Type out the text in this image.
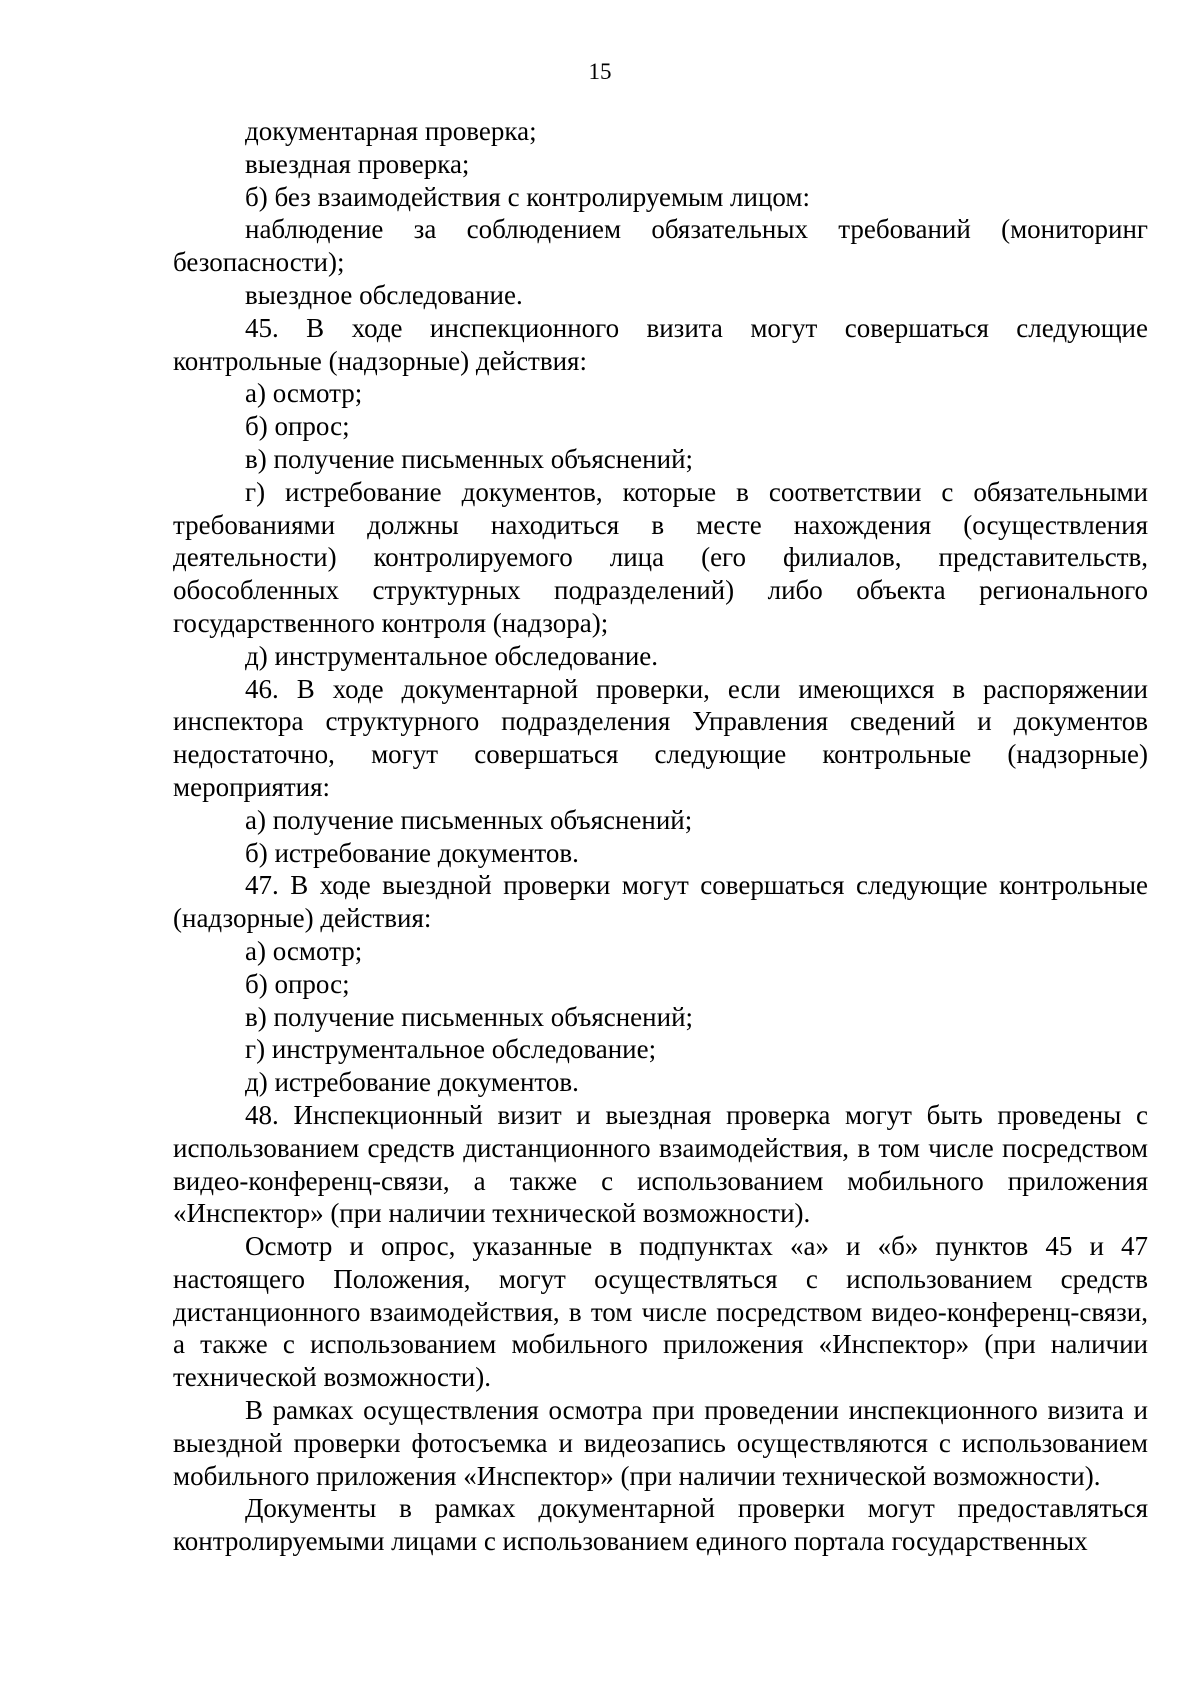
15

документарная проверка;

выездная проверка;

б) без взаимодействия с контролируемым лицом:

наблюдение за соблюдением обязательных требований (мониторинг безопасности);

выездное обследование.

45. В ходе инспекционного визита могут совершаться следующие контрольные (надзорные) действия:

а) осмотр;

б) опрос;

в) получение письменных объяснений;

г) истребование документов, которые в соответствии с обязательными требованиями должны находиться в месте нахождения (осуществления деятельности) контролируемого лица (его филиалов, представительств, обособленных структурных подразделений) либо объекта регионального государственного контроля (надзора);

д) инструментальное обследование.

46. В ходе документарной проверки, если имеющихся в распоряжении инспектора структурного подразделения Управления сведений и документов недостаточно, могут совершаться следующие контрольные (надзорные) мероприятия:

а) получение письменных объяснений;

б) истребование документов.

47. В ходе выездной проверки могут совершаться следующие контрольные (надзорные) действия:

а) осмотр;

б) опрос;

в) получение письменных объяснений;

г) инструментальное обследование;

д) истребование документов.

48. Инспекционный визит и выездная проверка могут быть проведены с использованием средств дистанционного взаимодействия, в том числе посредством видео-конференц-связи, а также с использованием мобильного приложения «Инспектор» (при наличии технической возможности).

Осмотр и опрос, указанные в подпунктах «а» и «б» пунктов 45 и 47 настоящего Положения, могут осуществляться с использованием средств дистанционного взаимодействия, в том числе посредством видео-конференц-связи, а также с использованием мобильного приложения «Инспектор» (при наличии технической возможности).

В рамках осуществления осмотра при проведении инспекционного визита и выездной проверки фотосъемка и видеозапись осуществляются с использованием мобильного приложения «Инспектор» (при наличии технической возможности).

Документы в рамках документарной проверки могут предоставляться контролируемыми лицами с использованием единого портала государственных
